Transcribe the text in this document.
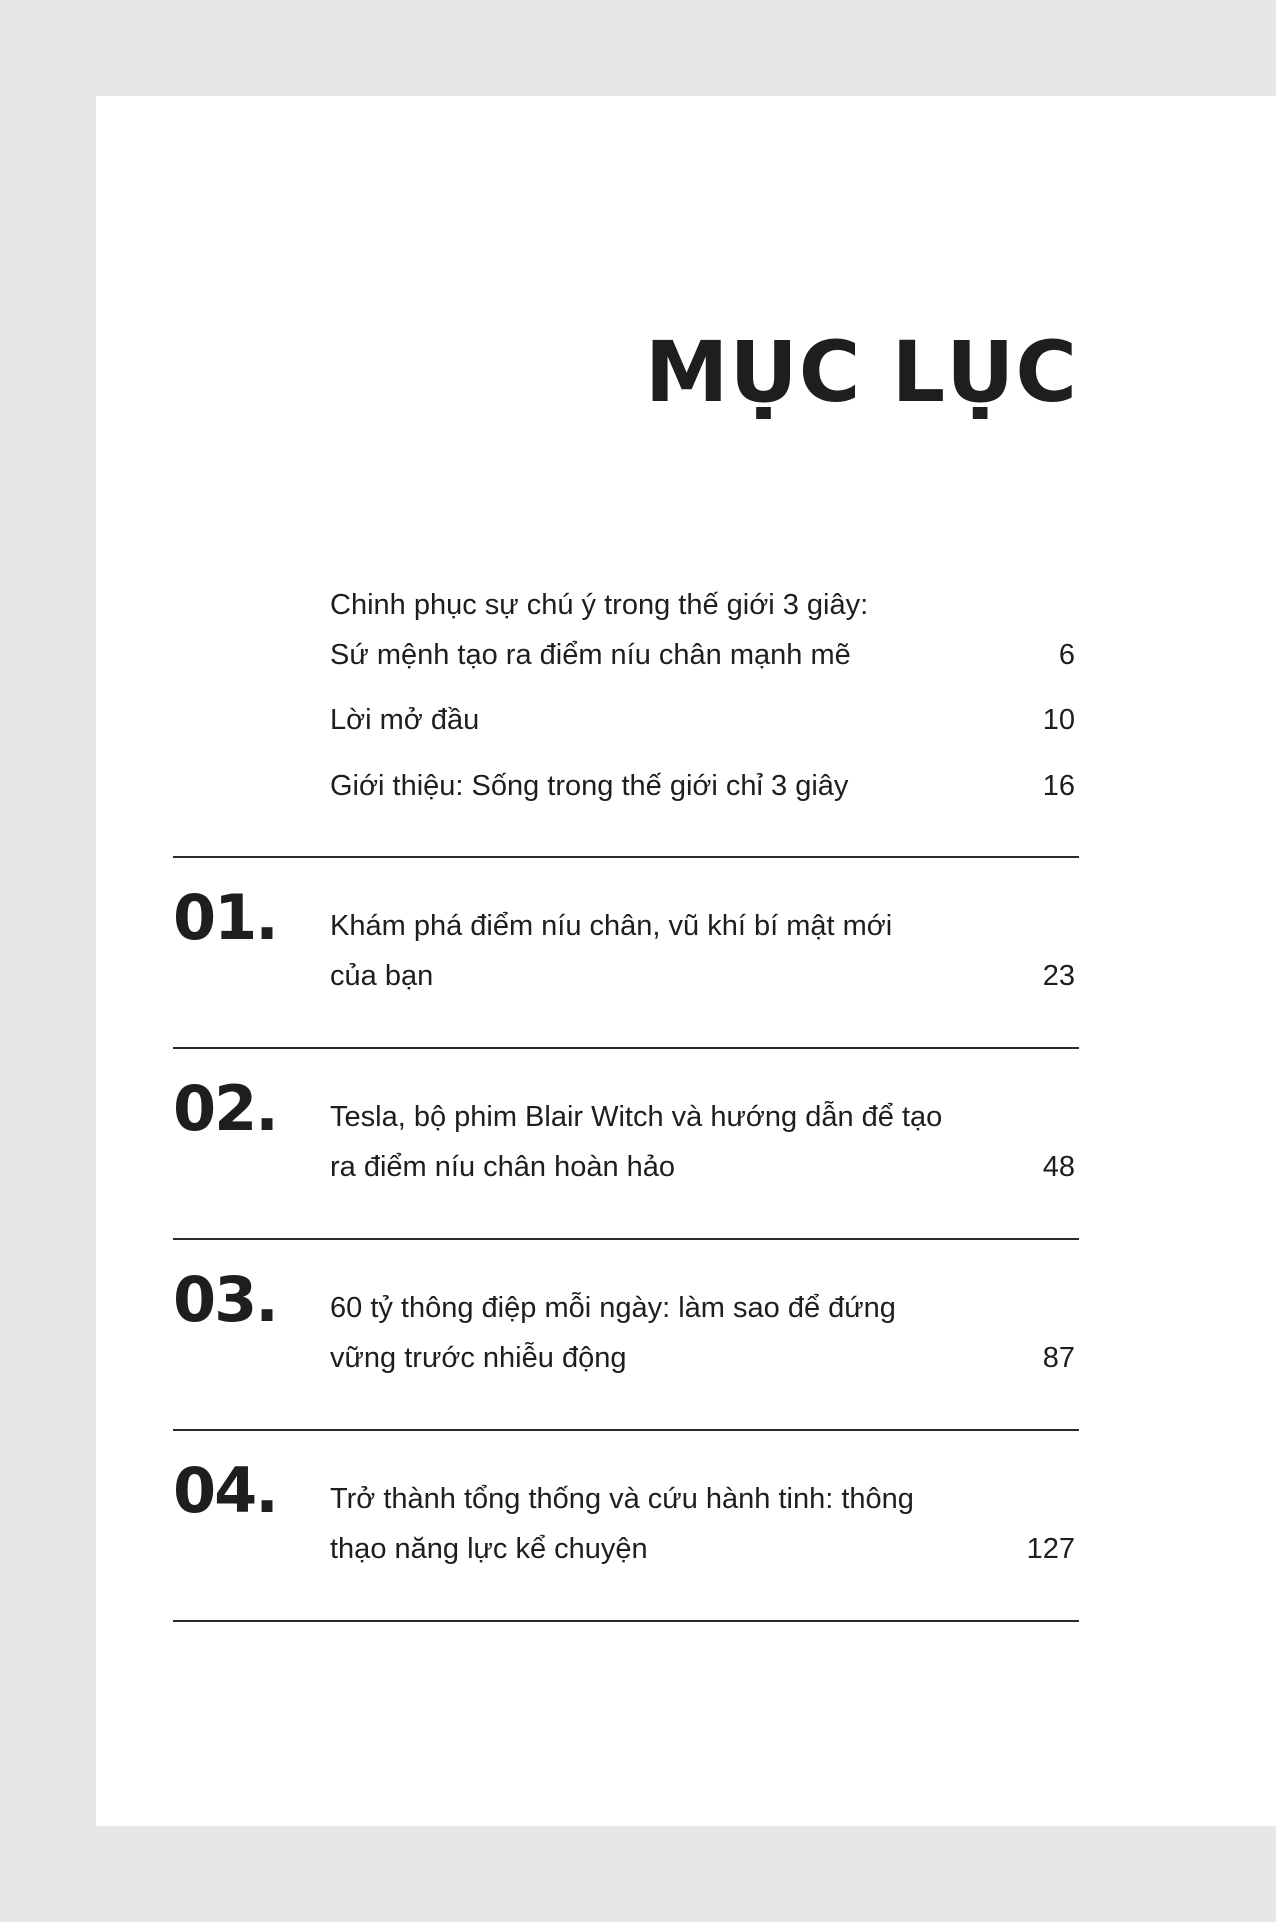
MỤC LỤC
Chinh phục sự chú ý trong thế giới 3 giây:
Sứ mệnh tạo ra điểm níu chân mạnh mẽ	6
Lời mở đầu	10
Giới thiệu: Sống trong thế giới chỉ 3 giây	16
01. Khám phá điểm níu chân, vũ khí bí mật mới
của bạn	23
02. Tesla, bộ phim Blair Witch và hướng dẫn để tạo
ra điểm níu chân hoàn hảo	48
03. 60 tỷ thông điệp mỗi ngày: làm sao để đứng
vững trước nhiễu động	87
04. Trở thành tổng thống và cứu hành tinh: thông
thạo năng lực kể chuyện	127
